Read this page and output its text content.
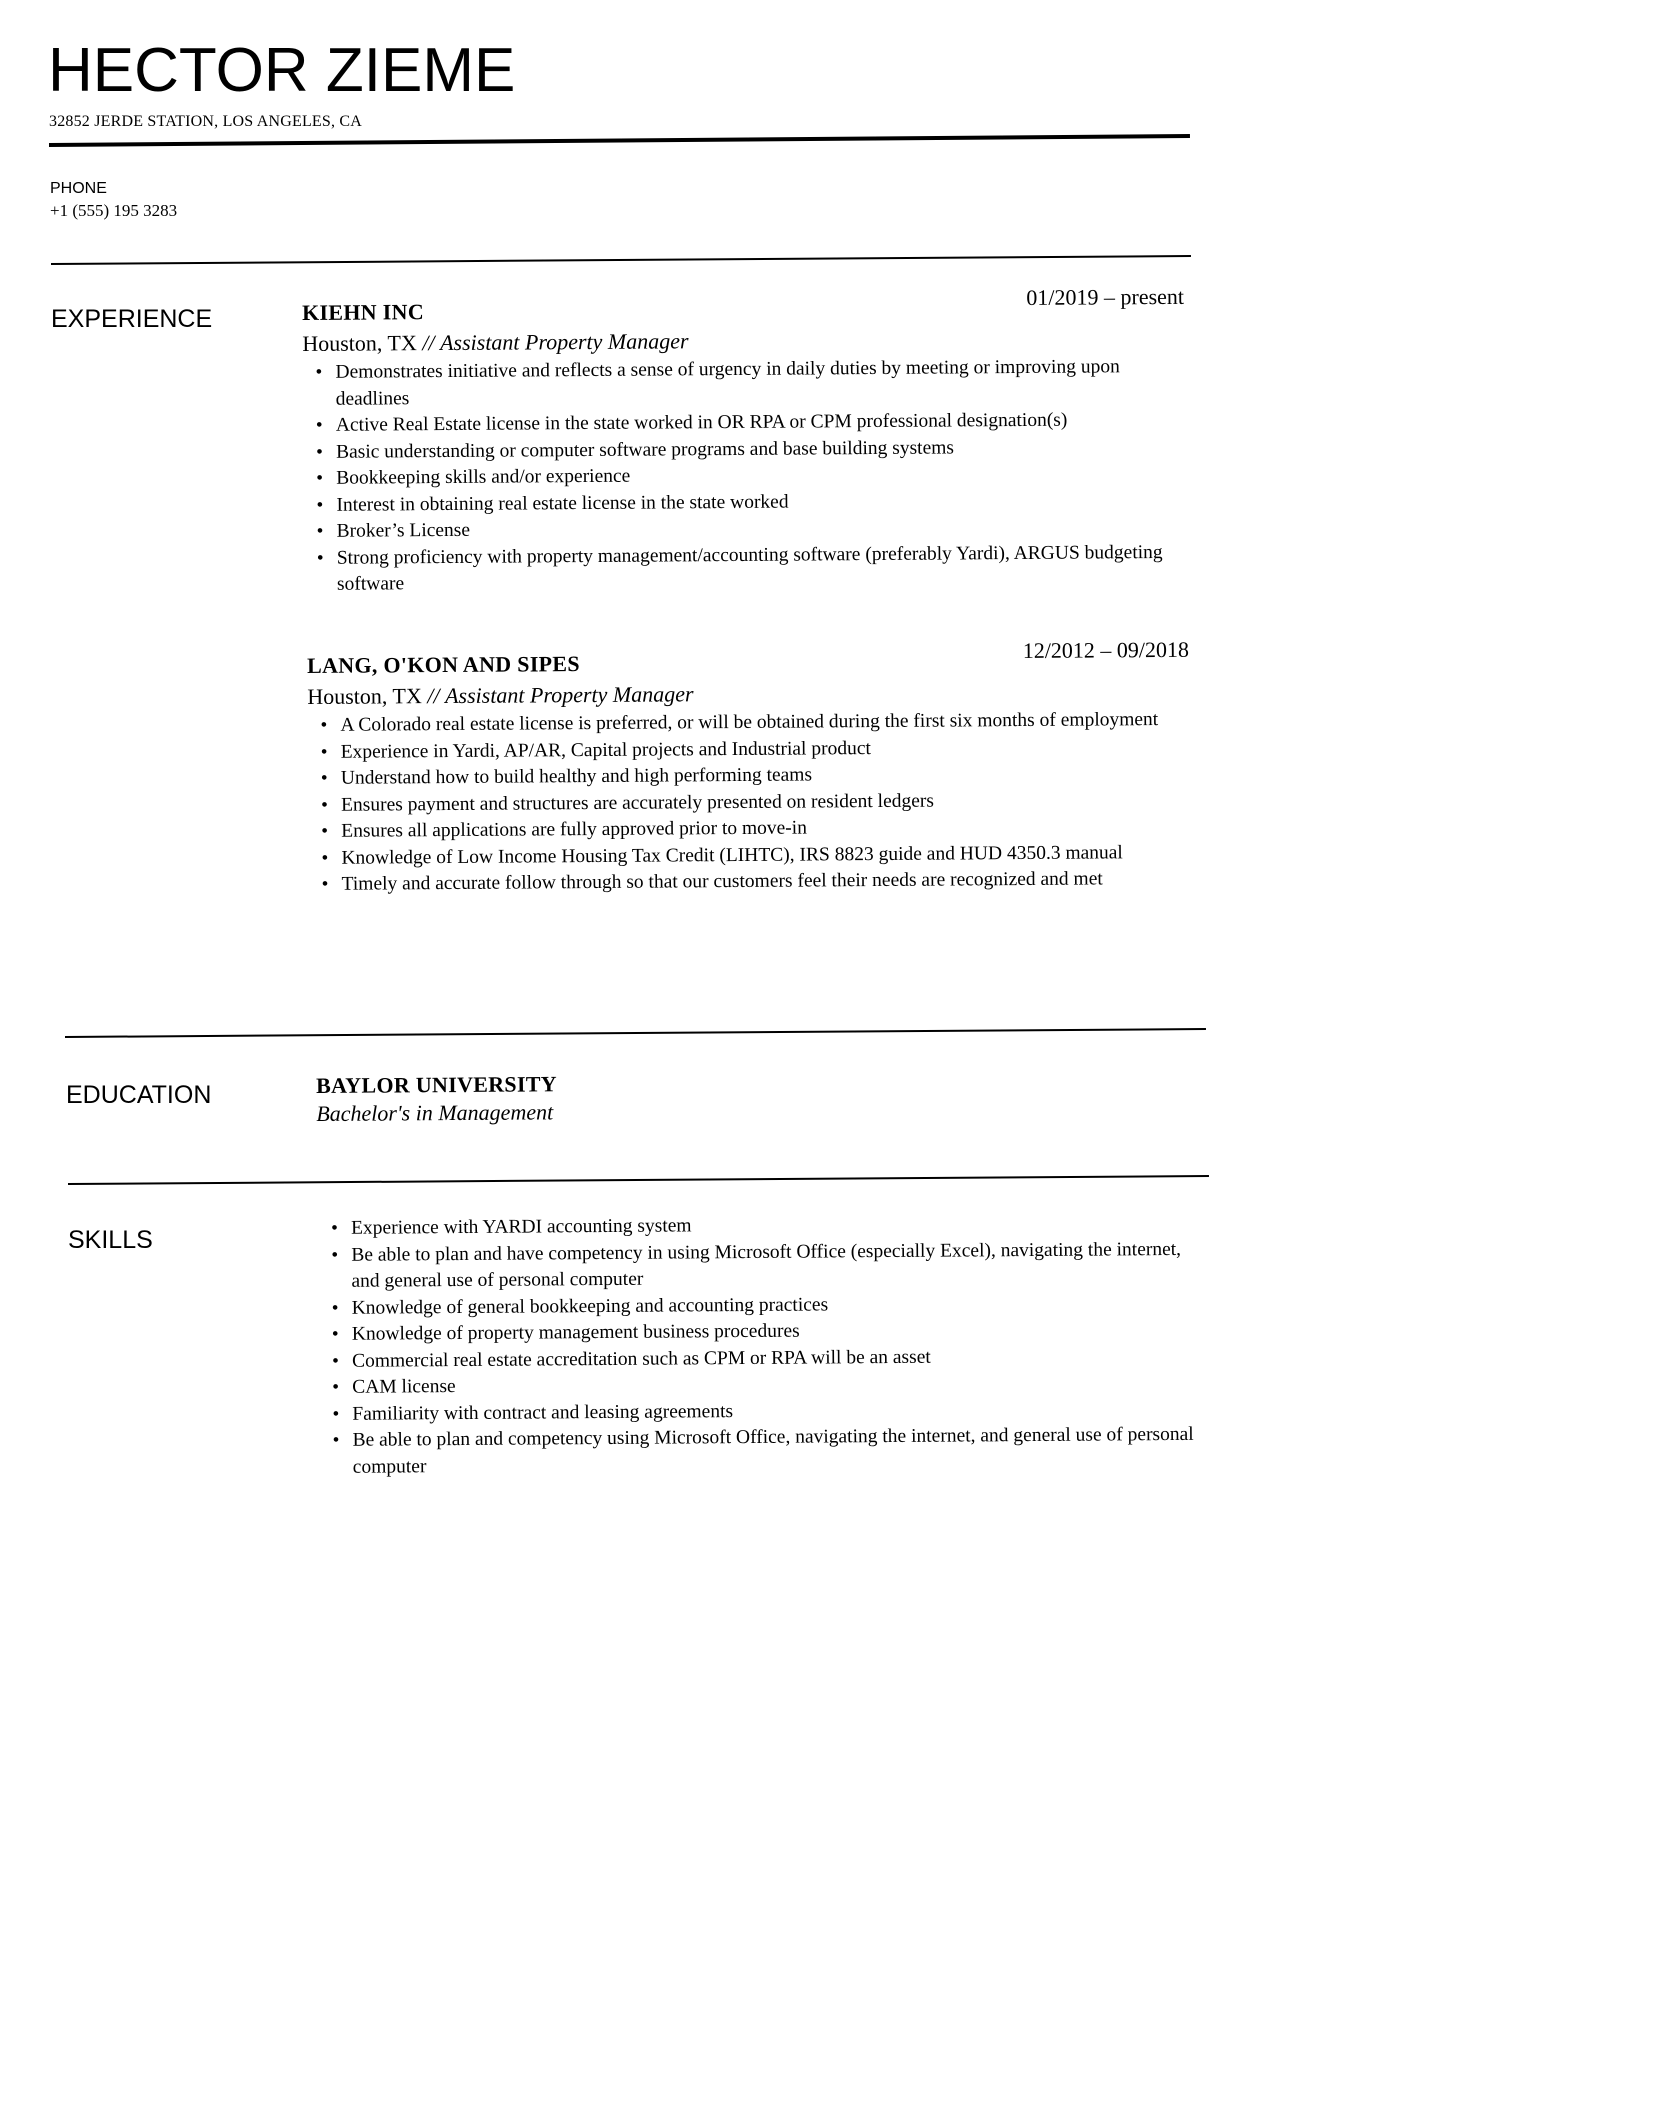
HECTOR ZIEME
32852 JERDE STATION, LOS ANGELES, CA
PHONE
+1 (555) 195 3283
EXPERIENCE	KIEHN INC
01/2019 – present
Houston, TX // Assistant Property Manager
• Demonstrates initiative and reflects a sense of urgency in daily duties by meeting or improving upon deadlines
• Active Real Estate license in the state worked in OR RPA or CPM professional designation(s)
• Basic understanding or computer software programs and base building systems
• Bookkeeping skills and/or experience
• Interest in obtaining real estate license in the state worked
• Broker’s License
• Strong proficiency with property management/accounting software (preferably Yardi), ARGUS budgeting software
LANG, O'KON AND SIPES
12/2012 – 09/2018
Houston, TX // Assistant Property Manager
• A Colorado real estate license is preferred, or will be obtained during the first six months of employment
• Experience in Yardi, AP/AR, Capital projects and Industrial product
• Understand how to build healthy and high performing teams
• Ensures payment and structures are accurately presented on resident ledgers
• Ensures all applications are fully approved prior to move-in
• Knowledge of Low Income Housing Tax Credit (LIHTC), IRS 8823 guide and HUD 4350.3 manual
• Timely and accurate follow through so that our customers feel their needs are recognized and met
EDUCATION	BAYLOR UNIVERSITY
Bachelor's in Management
SKILLS
•	Experience with YARDI accounting system
• Be able to plan and have competency in using Microsoft Office (especially Excel), navigating the internet, and general use of personal computer
• Knowledge of general bookkeeping and accounting practices
• Knowledge of property management business procedures
• Commercial real estate accreditation such as CPM or RPA will be an asset
• CAM license
• Familiarity with contract and leasing agreements
• Be able to plan and competency using Microsoft Office, navigating the internet, and general use of personal computer
